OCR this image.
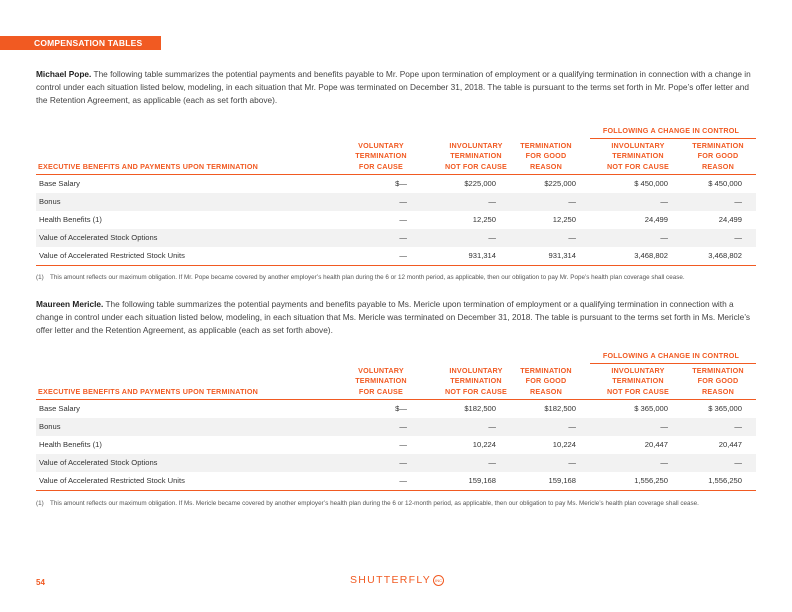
COMPENSATION TABLES
Michael Pope. The following table summarizes the potential payments and benefits payable to Mr. Pope upon termination of employment or a qualifying termination in connection with a change in control under each situation listed below, modeling, in each situation that Mr. Pope was terminated on December 31, 2018. The table is pursuant to the terms set forth in Mr. Pope’s offer letter and the Retention Agreement, as applicable (each as set forth above).
FOLLOWING A CHANGE IN CONTROL
EXECUTIVE BENEFITS AND PAYMENTS UPON TERMINATION
VOLUNTARY
TERMINATION
FOR CAUSE
INVOLUNTARY
TERMINATION
NOT FOR CAUSE
TERMINATION
FOR GOOD
REASON
INVOLUNTARY
TERMINATION
NOT FOR CAUSE
TERMINATION
FOR GOOD
REASON
Base Salary	$—	$225,000	$225,000	$ 450,000	$ 450,000
Bonus	—	—	—	—	—
Health Benefits (1)	—	12,250	12,250	24,499	24,499
Value of Accelerated Stock Options	—	—	—	—	—
Value of Accelerated Restricted Stock Units	—	931,314	931,314	3,468,802	3,468,802
(1) This amount reflects our maximum obligation. If Mr. Pope became covered by another employer’s health plan during the 6 or 12 month period, as applicable, then our obligation to pay Mr. Pope’s health plan coverage shall cease.
Maureen Mericle. The following table summarizes the potential payments and benefits payable to Ms. Mericle upon termination of employment or a qualifying termination in connection with a change in control under each situation listed below, modeling, in each situation that Ms. Mericle was terminated on December 31, 2018. The table is pursuant to the terms set forth in Ms. Mericle’s offer letter and the Retention Agreement, as applicable (each as set forth above).
FOLLOWING A CHANGE IN CONTROL
EXECUTIVE BENEFITS AND PAYMENTS UPON TERMINATION
VOLUNTARY
TERMINATION
FOR CAUSE
INVOLUNTARY
TERMINATION
NOT FOR CAUSE
TERMINATION
FOR GOOD
REASON
INVOLUNTARY
TERMINATION
NOT FOR CAUSE
TERMINATION
FOR GOOD
REASON
Base Salary	$—	$182,500	$182,500	$ 365,000	$ 365,000
Bonus	—	—	—	—	—
Health Benefits (1)	—	10,224	10,224	20,447	20,447
Value of Accelerated Stock Options	—	—	—	—	—
Value of Accelerated Restricted Stock Units	—	159,168	159,168	1,556,250	1,556,250
(1) This amount reflects our maximum obligation. If Ms. Mericle became covered by another employer’s health plan during the 6 or 12-month period, as applicable, then our obligation to pay Ms. Mericle’s health plan coverage shall cease.
54	SHUTTERFLY INC
